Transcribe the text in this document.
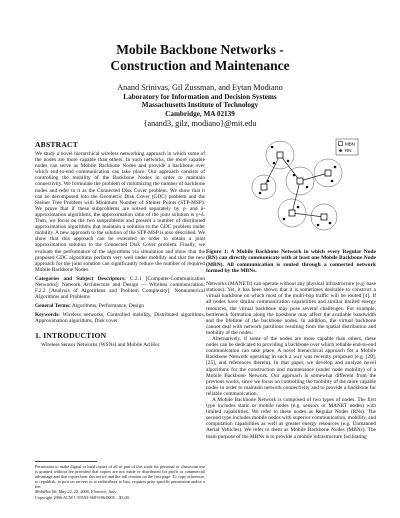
Mobile Backbone Networks -
Construction and Maintenance
Anand Srinivas, Gil Zussman, and Eytan Modiano
Laboratory for Information and Decision Systems
Massachusetts Institute of Technology
Cambridge, MA 02139
{anand3, gilz, modiano}@mit.edu
ABSTRACT

We study a novel hierarchical wireless networking approach in which some of the nodes are more capable than others. In such networks, the more capable nodes can serve as Mobile Backbone Nodes and provide a backbone over which end-to-end communication can take place. Our approach consists of controlling the mobility of the Backbone Nodes in order to maintain connectivity. We formulate the problem of minimizing the number of backbone nodes and refer to it as the Connected Disk Cover problem. We show that it can be decomposed into the Geometric Disk Cover (GDC) problem and the Steiner Tree Problem with Minimum Number of Steiner Points (STP-MSP). We prove that if these subproblems are solved separately by γ- and δ-approximation algorithms, the approximation ratio of the joint solution is γ+δ. Then, we focus on the two subproblems and present a number of distributed approximation algorithms that maintain a solution to the GDC problem under mobility. A new approach to the solution of the STP-MSP is also described. We show that this approach can be extended in order to obtain a joint approximation solution to the Connected Disk Cover problem. Finally, we evaluate the performance of the algorithms via simulation and show that the proposed GDC algorithms perform very well under mobility and that the new approach for the joint solution can significantly reduce the number of required Mobile Backbone Nodes.

Categories and Subject Descriptors: C.2.1 [Computer-Communication Networks]: Network Architecture and Design — Wireless communication; F.2.2 [Analysis of Algorithms and Problem Complexity]: Nonnumerical Algorithms and Problems

General Terms: Algorithms, Performance, Design

Keywords: Wireless networks, Controlled mobility, Distributed algorithms, Approximation algorithms, Disk cover

1. INTRODUCTION

Wireless Sensor Networks (WSNs) and Mobile Ad Hoc

Permission to make digital or hard copies of all or part of this work for personal or classroom use is granted without fee provided that copies are not made or distributed for profit or commercial advantage and that copies bear this notice and the full citation on the first page. To copy otherwise, to republish, to post on servers or to redistribute to lists, requires prior specific permission and/or a fee.
MobiHoc'06, May 22–25, 2006, Florence, Italy.
Copyright 2006 ACM 1-59593-368-9/06/0005 ...$5.00.
MBN
RN
Figure 1: A Mobile Backbone Network in which every Regular Node (RN) can directly communicate with at least one Mobile Backbone Node (MBN). All communication is routed through a connected network formed by the MBNs.

Networks (MANETs) can operate without any physical infrastructure (e.g. base stations). Yet, it has been shown that it is sometimes desirable to construct a virtual backbone on which most of the multi-hop traffic will be routed [4]. If all nodes have similar communication capabilities and similar limited energy resources, the virtual backbone may pose several challenges. For example, bottleneck formation along the backbone may affect the available bandwidth and the lifetime of the backbone nodes. In addition, the virtual backbone cannot deal with network partitions resulting from the spatial distribution and mobility of the nodes.

Alternatively, if some of the nodes are more capable than others, these nodes can be dedicated to providing a backbone over which reliable end-to-end communication can take place. A novel hierarchical approach for a Mobile Backbone Network operating in such a way was recently proposed (e.g. [20],[25], and references therein). In that paper, we develop and analyze novel algorithms for the construction and maintenance (under node mobility) of a Mobile Backbone Network. Our approach is somewhat different from the previous works, since we focus on controlling the mobility of the more capable nodes in order to maintain network connectivity and to provide a backbone for reliable communication.

A Mobile Backbone Network is composed of two types of nodes. The first type includes static or mobile nodes (e.g. sensors or MANET nodes) with limited capabilities. We refer to these nodes as Regular Nodes (RNs). The second type includes mobile nodes with superior communication, mobility, and computation capabilities as well as greater energy resources (e.g. Unmanned Aerial Vehicles). We refer to them as Mobile Backbone Nodes (MBNs). The main purpose of the MBNs is to provide a mobile infrastructure facilitating
